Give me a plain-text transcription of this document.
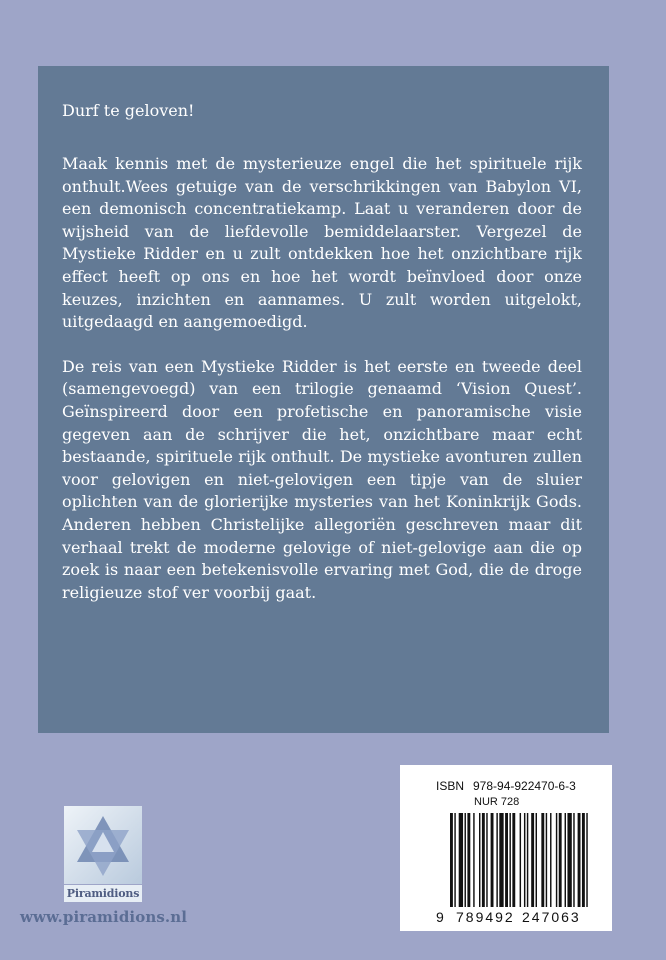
Durf te geloven!

Maak kennis met de mysterieuze engel die het spirituele rijk onthult.Wees getuige van de verschrikkingen van Babylon VI, een demonisch concentratiekamp. Laat u veranderen door de wijsheid van de liefdevolle bemiddelaarster. Vergezel de Mystieke Ridder en u zult ontdekken hoe het onzichtbare rijk effect heeft op ons en hoe het wordt beïnvloed door onze keuzes, inzichten en aannames. U zult worden uitgelokt, uitgedaagd en aangemoedigd.

De reis van een Mystieke Ridder is het eerste en tweede deel (samengevoegd) van een trilogie genaamd ‘Vision Quest’. Geïnspireerd door een profetische en panoramische visie gegeven aan de schrijver die het, onzichtbare maar echt bestaande, spirituele rijk onthult. De mystieke avonturen zullen voor gelovigen en niet-gelovigen een tipje van de sluier oplichten van de glorierijke mysteries van het Koninkrijk Gods. Anderen hebben Christelijke allegoriën geschreven maar dit verhaal trekt de moderne gelovige of niet-gelovige aan die op zoek is naar een betekenisvolle ervaring met God, die de droge religieuze stof ver voorbij gaat.

ISBN 978-94-922470-6-3
NUR 728
9 789492 247063
Piramidions
www.piramidions.nl
